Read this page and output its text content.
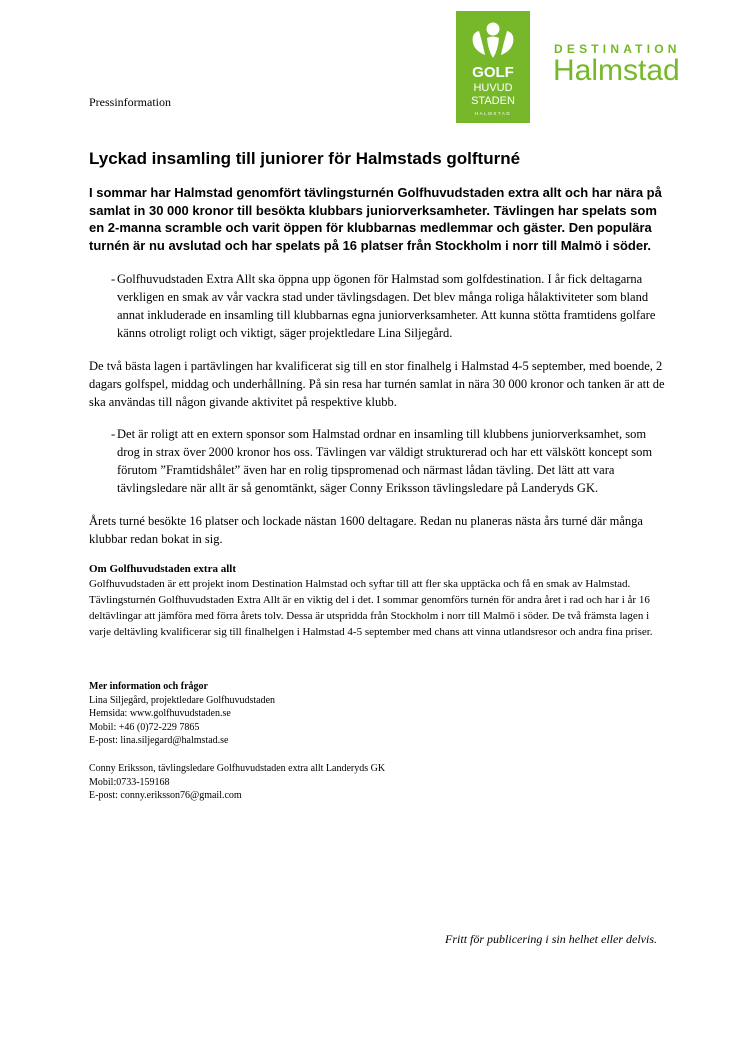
GOLF
HUVUD
STADEN
HALMSTAD
DESTINATION
Halmstad
Pressinformation
Lyckad insamling till juniorer för Halmstads golfturné

I sommar har Halmstad genomfört tävlingsturnén Golfhuvudstaden extra allt och har nära på samlat in 30 000 kronor till besökta klubbars juniorverksamheter. Tävlingen har spelats som en 2-manna scramble och varit öppen för klubbarnas medlemmar och gäster. Den populära turnén är nu avslutad och har spelats på 16 platser från Stockholm i norr till Malmö i söder.

- Golfhuvudstaden Extra Allt ska öppna upp ögonen för Halmstad som golfdestination. I år fick deltagarna verkligen en smak av vår vackra stad under tävlingsdagen. Det blev många roliga hålaktiviteter som bland annat inkluderade en insamling till klubbarnas egna juniorverksamheter. Att kunna stötta framtidens golfare känns otroligt roligt och viktigt, säger projektledare Lina Siljegård.

De två bästa lagen i partävlingen har kvalificerat sig till en stor finalhelg i Halmstad 4-5 september, med boende, 2 dagars golfspel, middag och underhållning. På sin resa har turnén samlat in nära 30 000 kronor och tanken är att de ska användas till någon givande aktivitet på respektive klubb.

- Det är roligt att en extern sponsor som Halmstad ordnar en insamling till klubbens juniorverksamhet, som drog in strax över 2000 kronor hos oss. Tävlingen var väldigt strukturerad och har ett välskött koncept som förutom ”Framtidshålet” även har en rolig tipspromenad och närmast lådan tävling. Det lätt att vara tävlingsledare när allt är så genomtänkt, säger Conny Eriksson tävlingsledare på Landeryds GK.

Årets turné besökte 16 platser och lockade nästan 1600 deltagare. Redan nu planeras nästa års turné där många klubbar redan bokat in sig.

Om Golfhuvudstaden extra allt

Golfhuvudstaden är ett projekt inom Destination Halmstad och syftar till att fler ska upptäcka och få en smak av Halmstad. Tävlingsturnén Golfhuvudstaden Extra Allt är en viktig del i det. I sommar genomförs turnén för andra året i rad och har i år 16 deltävlingar att jämföra med förra årets tolv. Dessa är utspridda från Stockholm i norr till Malmö i söder. De två främsta lagen i varje deltävling kvalificerar sig till finalhelgen i Halmstad 4-5 september med chans att vinna utlandsresor och andra fina priser.

Mer information och frågor
Lina Siljegård, projektledare Golfhuvudstaden
Hemsida: www.golfhuvudstaden.se
Mobil: +46 (0)72-229 7865
E-post: lina.siljegard@halmstad.se
Conny Eriksson, tävlingsledare Golfhuvudstaden extra allt Landeryds GK
Mobil:0733-159168
E-post: conny.eriksson76@gmail.com
Fritt för publicering i sin helhet eller delvis.
